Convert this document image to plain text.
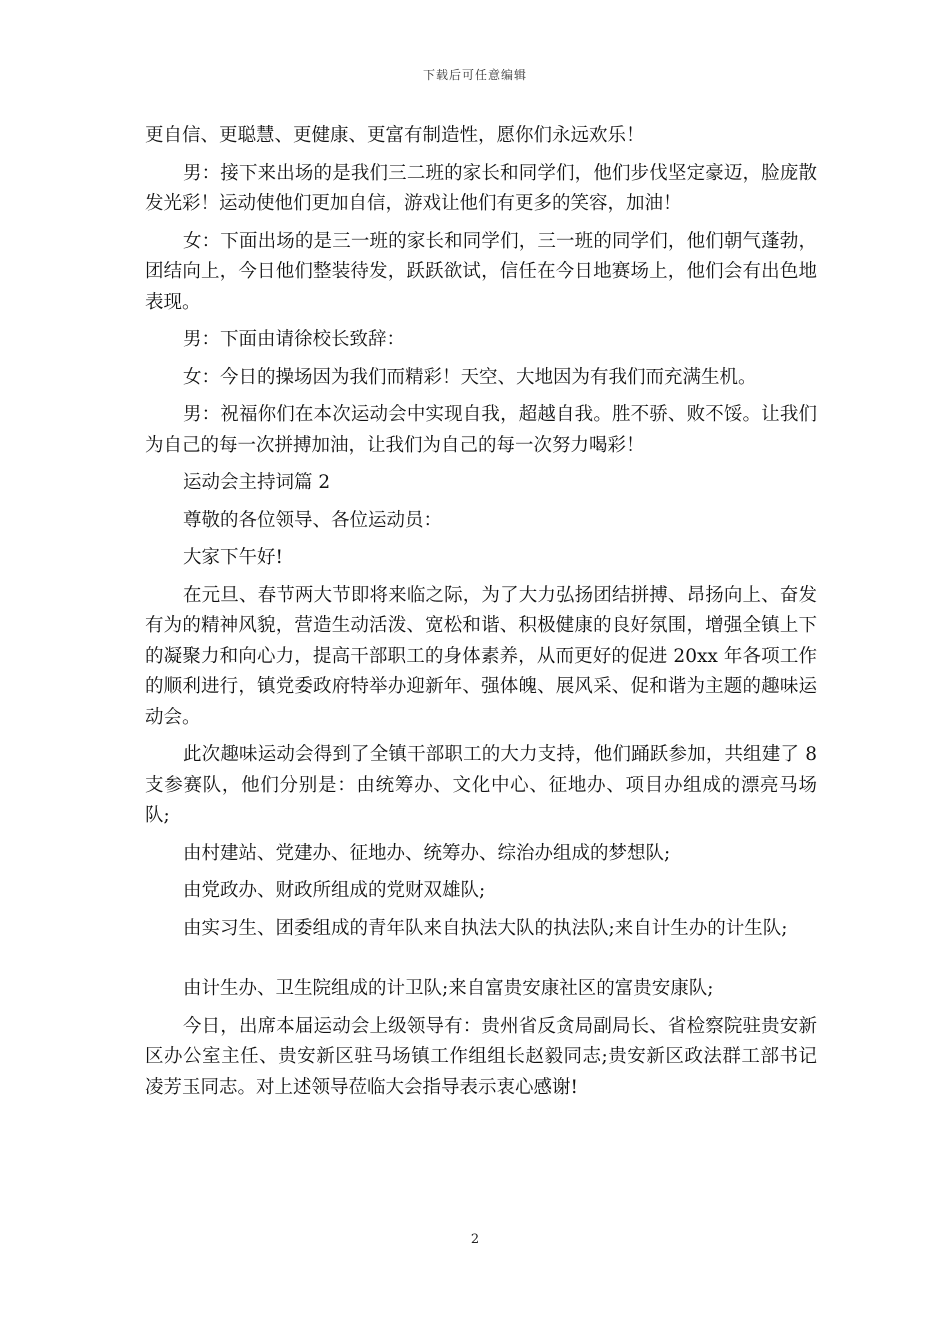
下载后可任意编辑

更自信、更聪慧、更健康、更富有制造性，愿你们永远欢乐！

男：接下来出场的是我们三二班的家长和同学们，他们步伐坚定豪迈，脸庞散发光彩！运动使他们更加自信，游戏让他们有更多的笑容，加油！

女：下面出场的是三一班的家长和同学们，三一班的同学们，他们朝气蓬勃，团结向上，今日他们整装待发，跃跃欲试，信任在今日地赛场上，他们会有出色地表现。

男：下面由请徐校长致辞：

女：今日的操场因为我们而精彩！天空、大地因为有我们而充满生机。

男：祝福你们在本次运动会中实现自我，超越自我。胜不骄、败不馁。让我们为自己的每一次拼搏加油，让我们为自己的每一次努力喝彩！

运动会主持词篇 2

尊敬的各位领导、各位运动员：

大家下午好!

在元旦、春节两大节即将来临之际，为了大力弘扬团结拼搏、昂扬向上、奋发有为的精神风貌，营造生动活泼、宽松和谐、积极健康的良好氛围，增强全镇上下的凝聚力和向心力，提高干部职工的身体素养，从而更好的促进 20xx 年各项工作的顺利进行，镇党委政府特举办迎新年、强体魄、展风采、促和谐为主题的趣味运动会。

此次趣味运动会得到了全镇干部职工的大力支持，他们踊跃参加，共组建了 8 支参赛队，他们分别是：由统筹办、文化中心、征地办、项目办组成的漂亮马场队;

由村建站、党建办、征地办、统筹办、综治办组成的梦想队;

由党政办、财政所组成的党财双雄队;

由实习生、团委组成的青年队来自执法大队的执法队;来自计生办的计生队;

由计生办、卫生院组成的计卫队;来自富贵安康社区的富贵安康队;

今日，出席本届运动会上级领导有：贵州省反贪局副局长、省检察院驻贵安新区办公室主任、贵安新区驻马场镇工作组组长赵毅同志;贵安新区政法群工部书记凌芳玉同志。对上述领导莅临大会指导表示衷心感谢!

2
